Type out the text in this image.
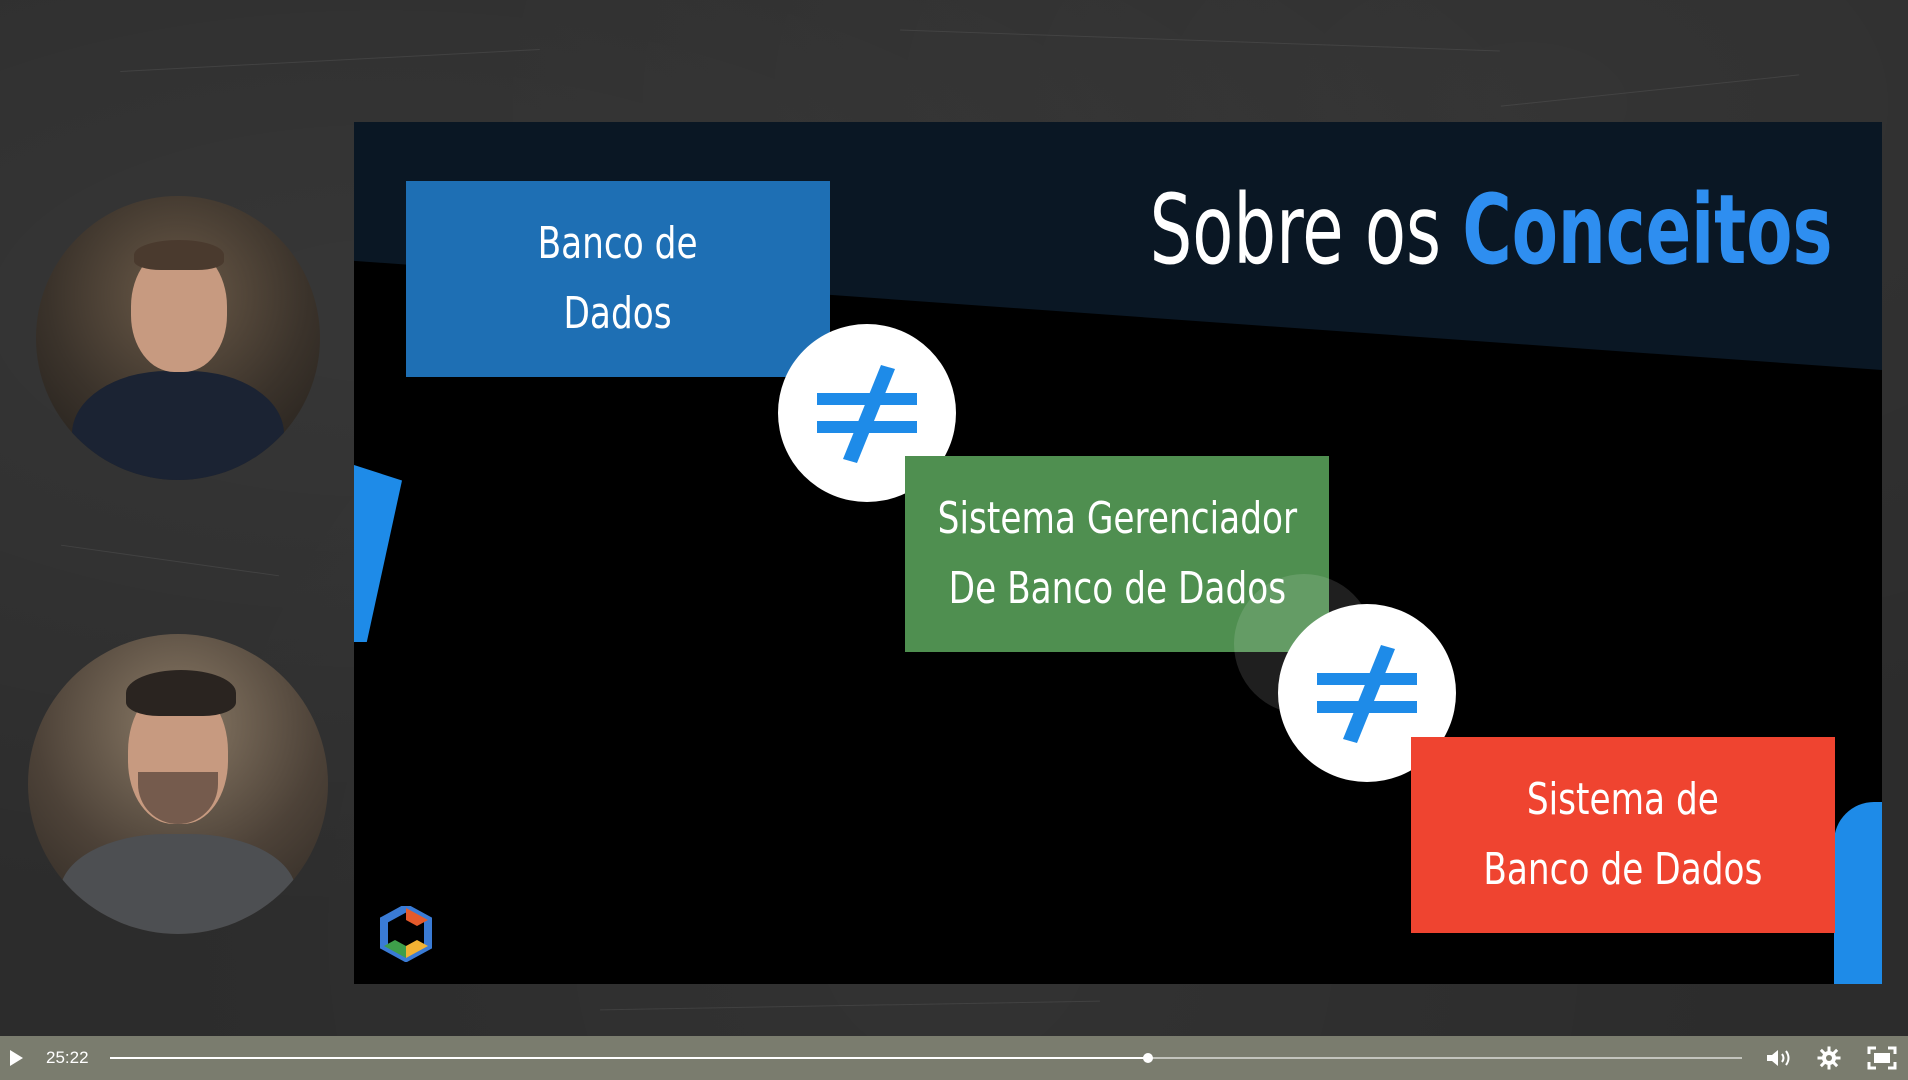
Sobre os Conceitos
Banco de
Dados
Sistema Gerenciador
De Banco de Dados
Sistema de
Banco de Dados
25:22
